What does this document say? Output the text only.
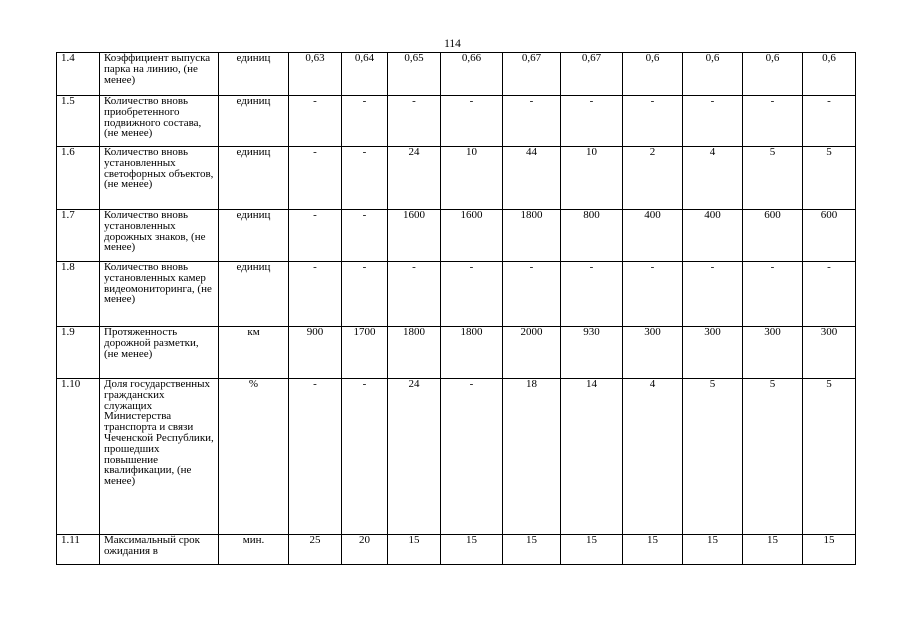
114
1.4	Коэффициент выпуска парка на линию, (не менее)	единиц	0,63	0,64	0,65	0,66	0,67	0,67	0,6	0,6	0,6	0,6
1.5	Количество вновь приобретенного подвижного состава, (не менее)	единиц	-	-	-	-	-	-	-	-	-	-
1.6	Количество вновь установленных светофорных объектов, (не менее)	единиц	-	-	24	10	44	10	2	4	5	5
1.7	Количество вновь установленных дорожных знаков, (не менее)	единиц	-	-	1600	1600	1800	800	400	400	600	600
1.8	Количество вновь установленных камер видеомониторинга, (не менее)	единиц	-	-	-	-	-	-	-	-	-	-
1.9	Протяженность дорожной разметки, (не менее)	км	900	1700	1800	1800	2000	930	300	300	300	300
1.10	Доля государственных гражданских служащих Министерства транспорта и связи Чеченской Республики, прошедших повышение квалификации, (не менее)	%	-	-	24	-	18	14	4	5	5	5
1.11	Максимальный срок ожидания в	мин.	25	20	15	15	15	15	15	15	15	15
